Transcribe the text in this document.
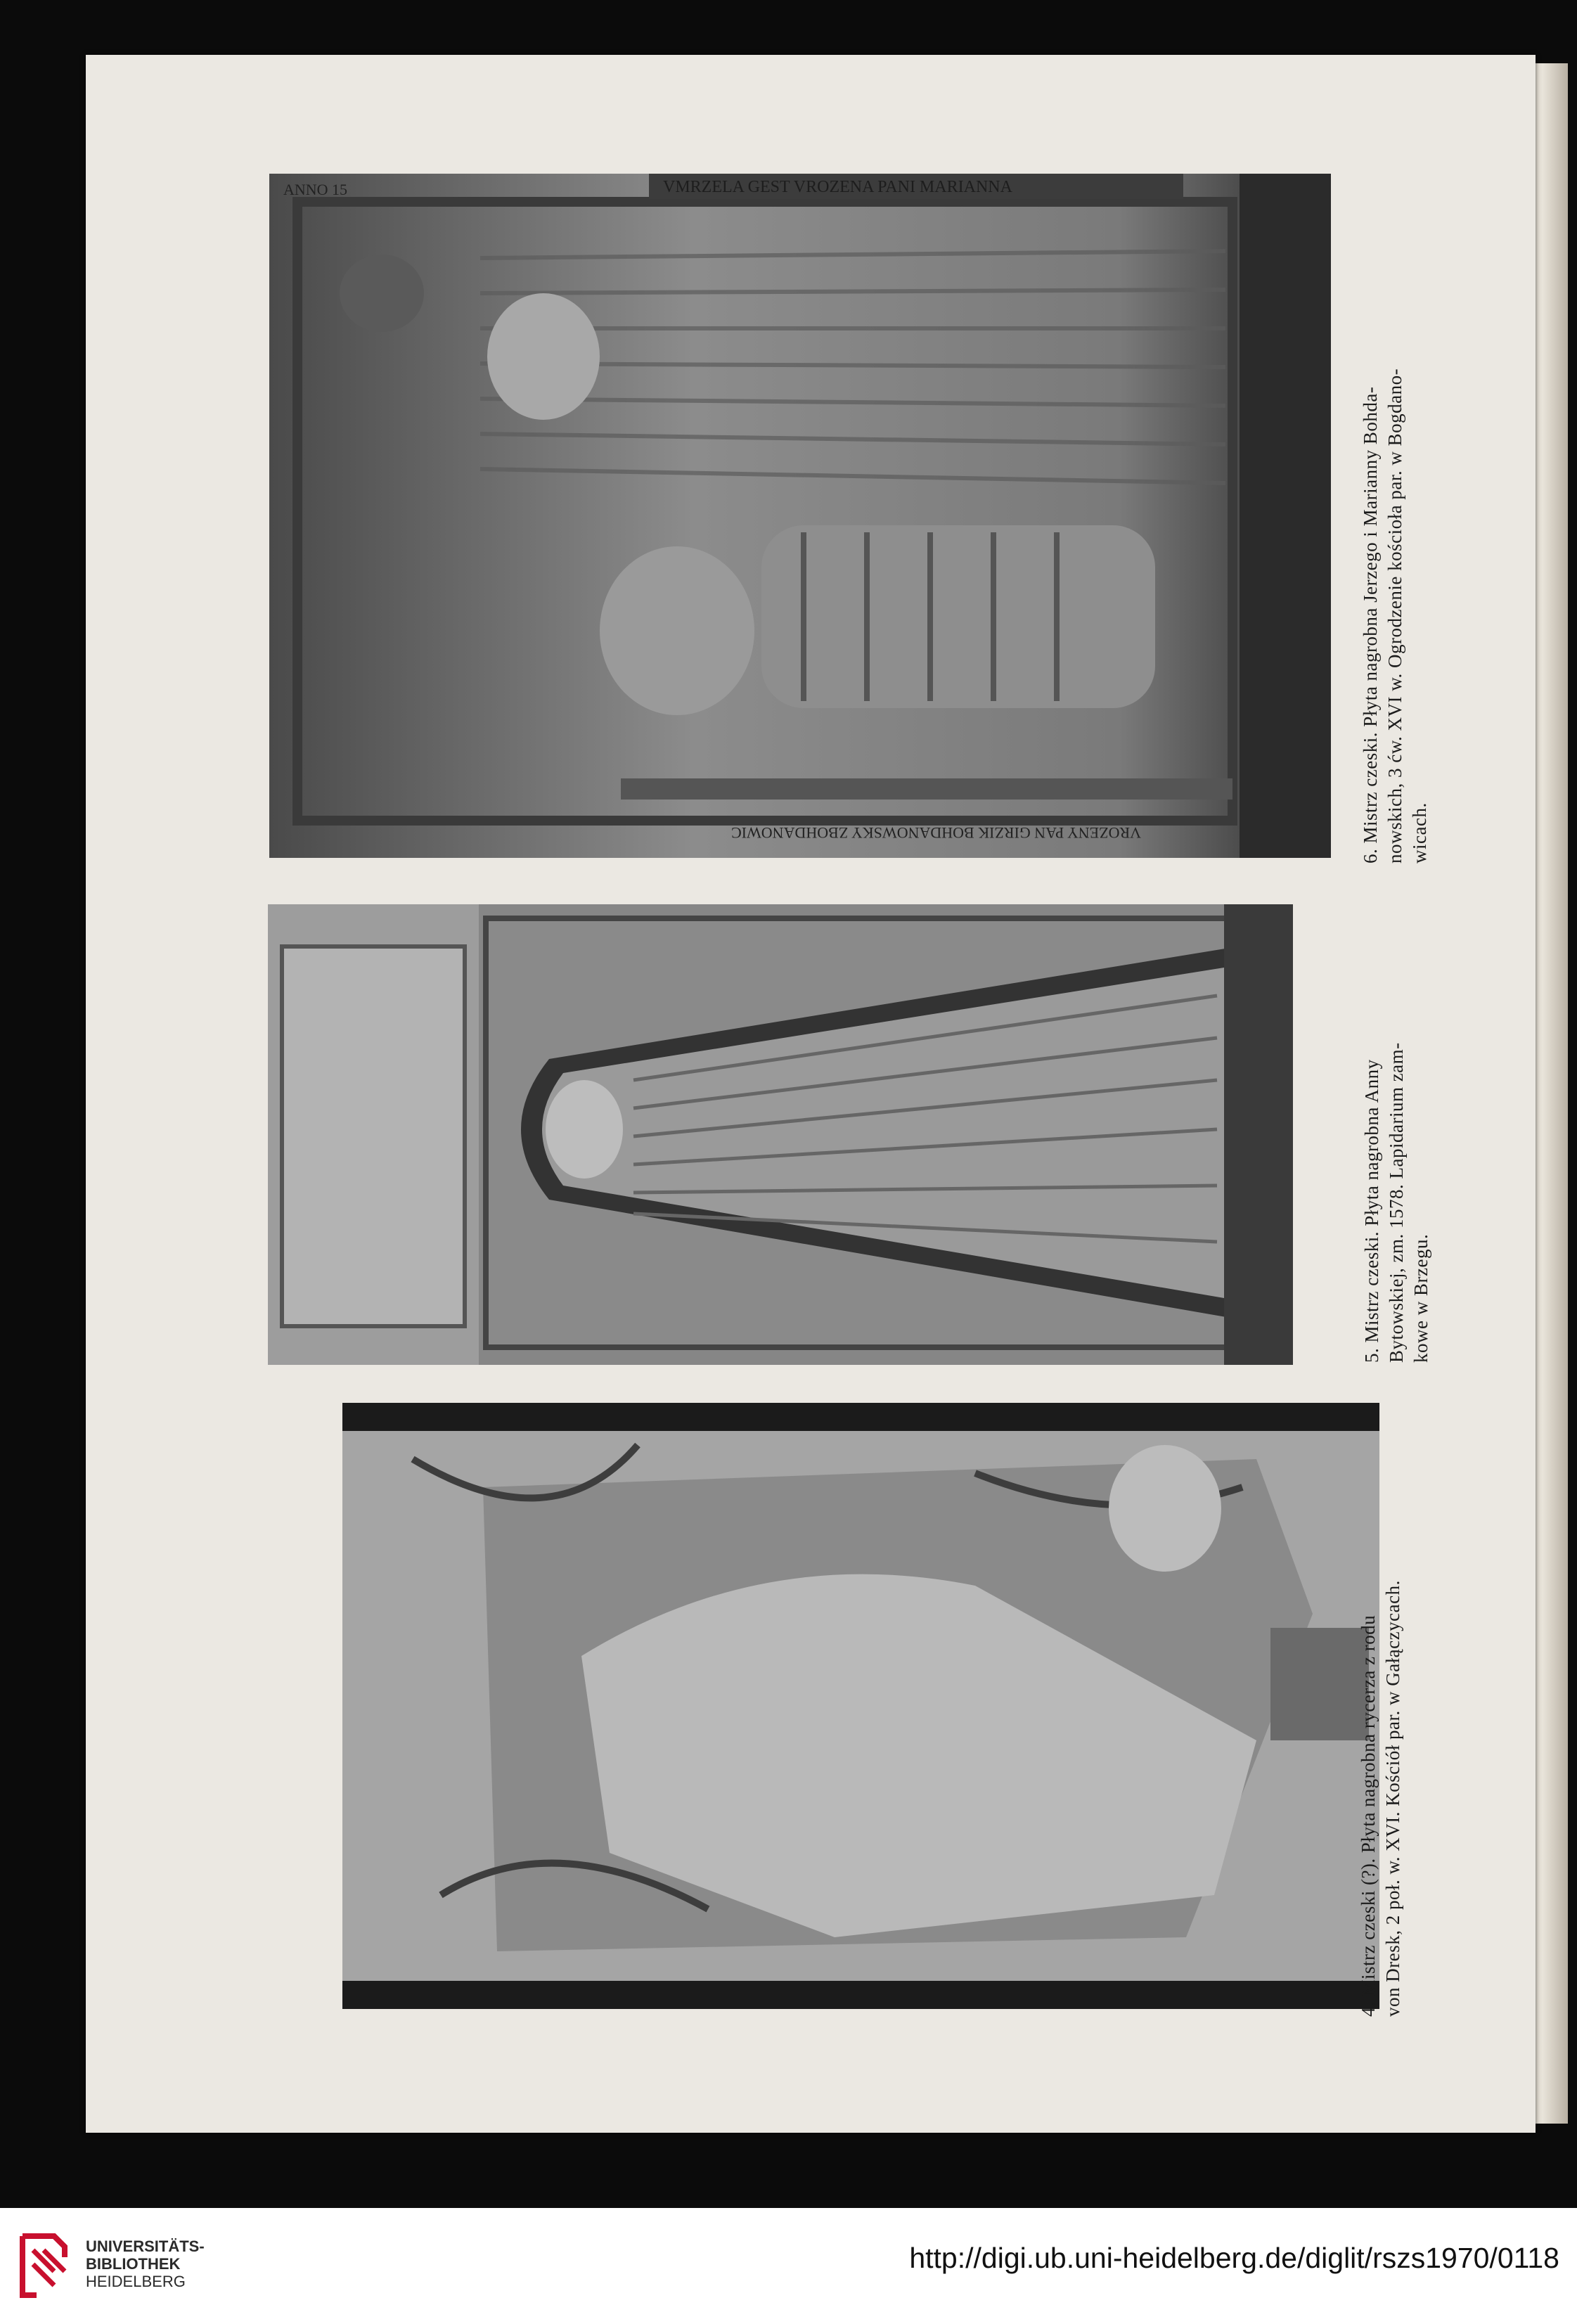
ANNO 15	VMRZELA GEST VROZENA PANI MARIANNA
VROZENY PAN GIRZIK BOHDANOWSKY ZBOHDANOWIC	6. Mistrz czeski. Płyta nagrobna Jerzego i Marianny Bohda- nowskich, 3 ćw. XVI w. Ogrodzenie kościoła par. w Bogdano- wicach.
5. Mistrz czeski. Płyta nagrobna Anny Bytowskiej, zm. 1578. Lapidarium zam- kowe w Brzegu.
4. Mistrz czeski (?). Płyta nagrobna rycerza z rodu von Dresk, 2 poł. w. XVI. Kościół par. w Gałączycach.
UNIVERSITÄTS-
BIBLIOTHEK
HEIDELBERG
http://digi.ub.uni-heidelberg.de/diglit/rszs1970/0118
